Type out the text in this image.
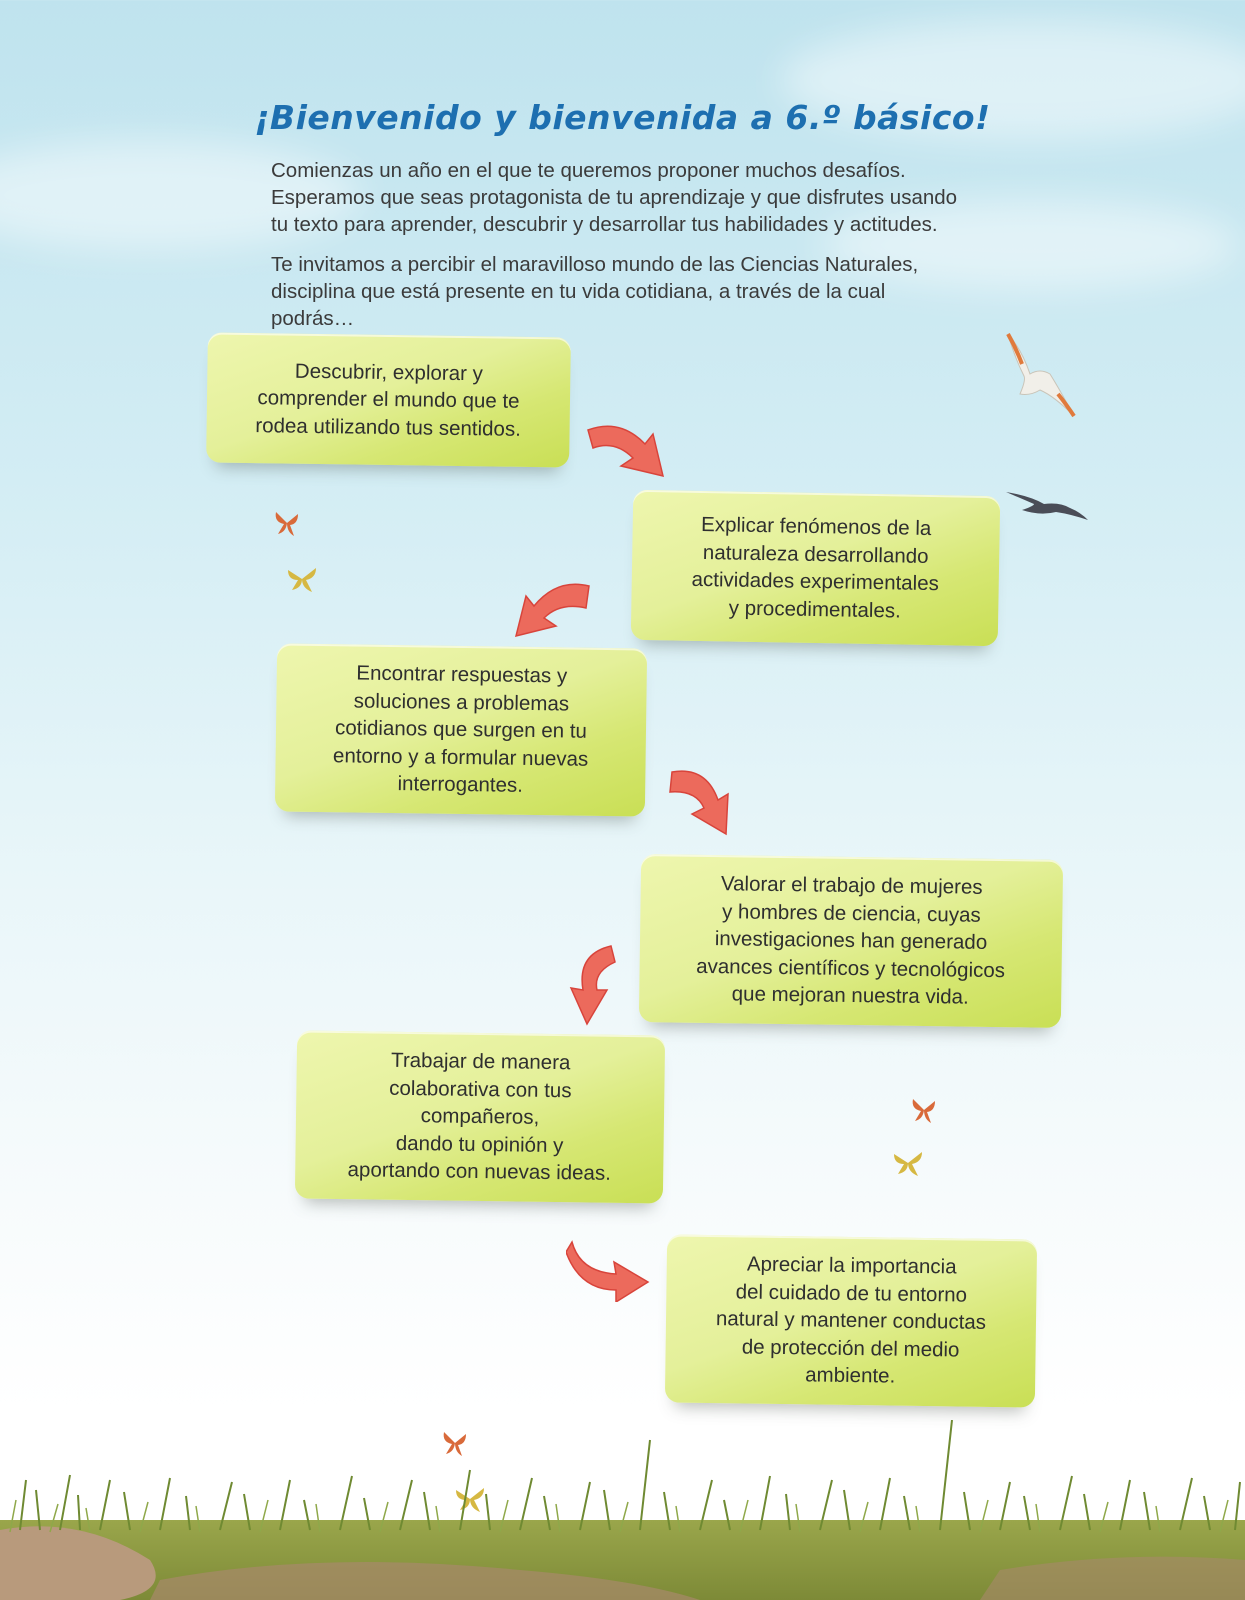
¡Bienvenido y bienvenida a 6.º básico!

Comienzas un año en el que te queremos proponer muchos desafíos. Esperamos que seas protagonista de tu aprendizaje y que disfrutes usando tu texto para aprender, descubrir y desarrollar tus habilidades y actitudes.

Te invitamos a percibir el maravilloso mundo de las Ciencias Naturales, disciplina que está presente en tu vida cotidiana, a través de la cual podrás…

Descubrir, explorar y
comprender el mundo que te
rodea utilizando tus sentidos.
Explicar fenómenos de la
naturaleza desarrollando
actividades experimentales
y procedimentales.
Encontrar respuestas y
soluciones a problemas
cotidianos que surgen en tu
entorno y a formular nuevas
interrogantes.
Valorar el trabajo de mujeres
y hombres de ciencia, cuyas
investigaciones han generado
avances científicos y tecnológicos
que mejoran nuestra vida.
Trabajar de manera
colaborativa con tus
compañeros,
dando tu opinión y
aportando con nuevas ideas.
Apreciar la importancia
del cuidado de tu entorno
natural y mantener conductas
de protección del medio
ambiente.
